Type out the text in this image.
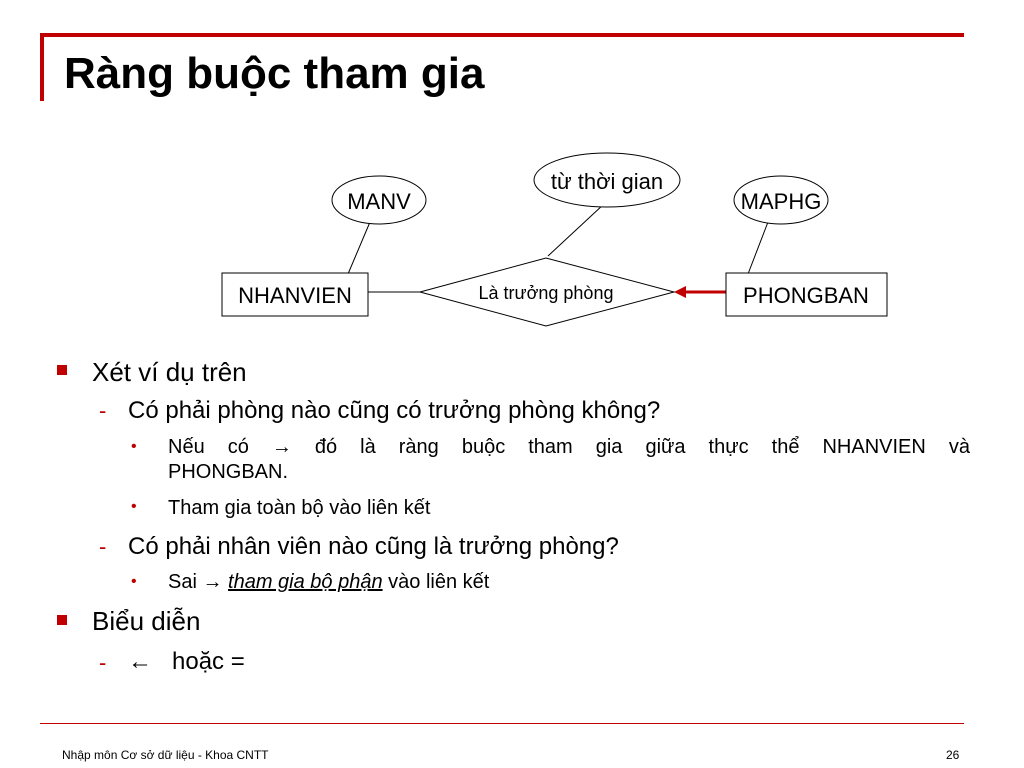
Ràng buộc tham gia
MANV
từ thời gian
MAPHG
Là trưởng phòng
NHANVIEN	PHONGBAN
Xét ví dụ trên
- Có phải phòng nào cũng có trưởng phòng không?
• Nếu có → đó là ràng buộc tham gia giữa thực thể NHANVIEN và
PHONGBAN.
• Tham gia toàn bộ vào liên kết
- Có phải nhân viên nào cũng là trưởng phòng?
• Sai → tham gia bộ phận vào liên kết
Biểu diễn
- ← hoặc =
Nhập môn Cơ sở dữ liệu - Khoa CNTT	26
